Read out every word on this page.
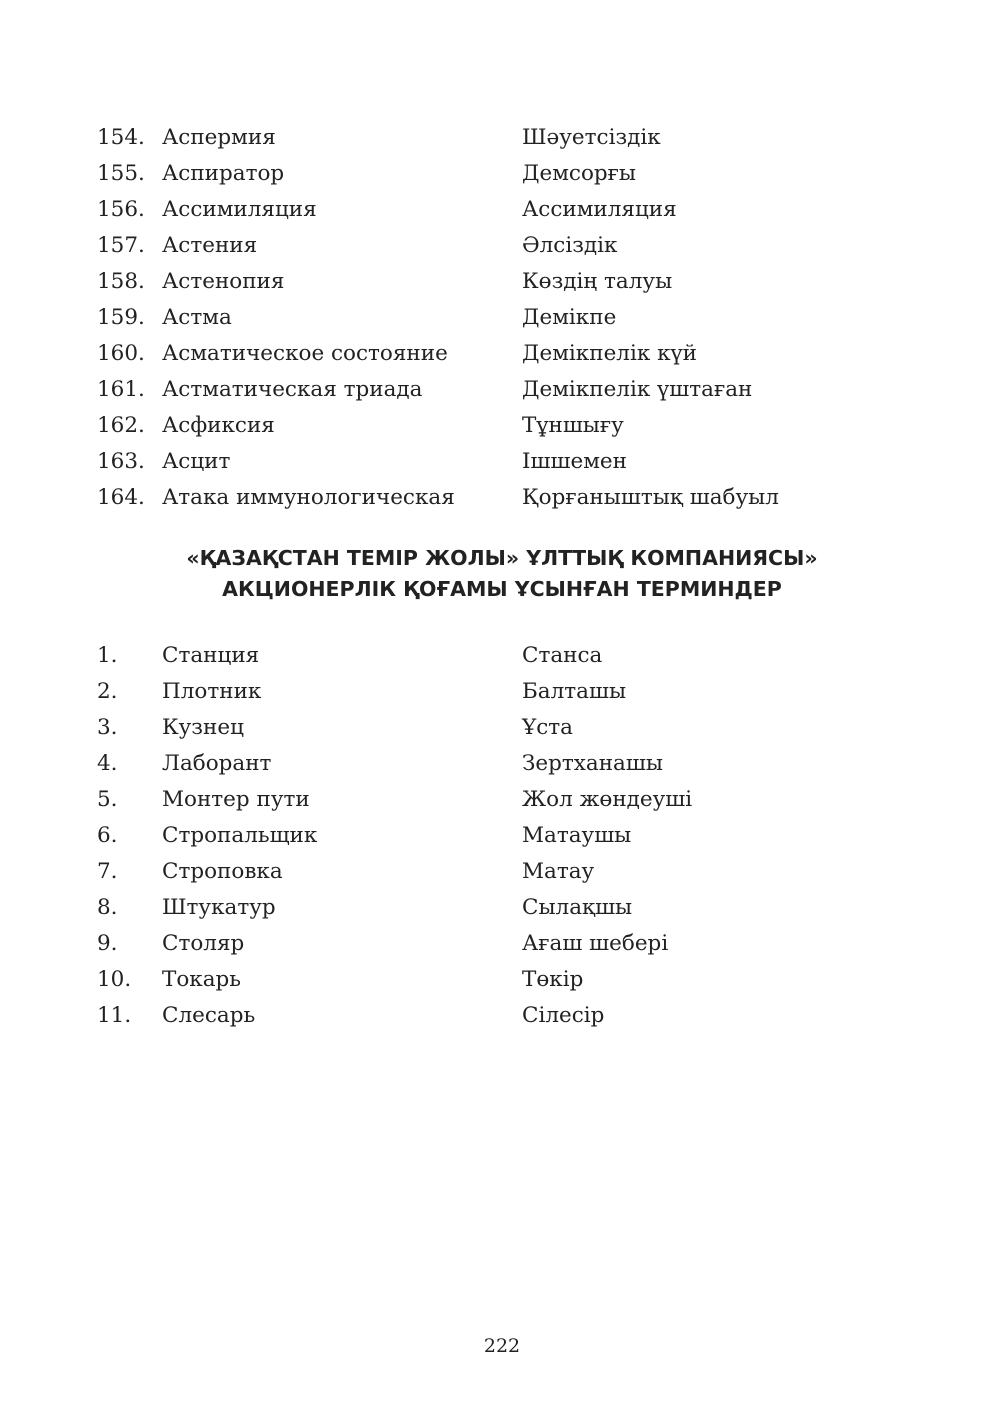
154. Аспермия	Шәуетсіздік
155. Аспиратор	Демсорғы
156. Ассимиляция	Ассимиляция
157. Астения	Әлсіздік
158. Астенопия	Көздің талуы
159. Астма	Демікпе
160. Асматическое состояние	Демікпелік күй
161. Астматическая триада	Демікпелік үштаған
162. Асфиксия	Тұншығу
163. Асцит	Ішшемен
164. Атака иммунологическая	Қорғаныштық шабуыл
«ҚАЗАҚСТАН ТЕМІР ЖОЛЫ» ҰЛТТЫҚ КОМПАНИЯСЫ»
АКЦИОНЕРЛІК ҚОҒАМЫ ҰСЫНҒАН ТЕРМИНДЕР
1.	Станция	Станса
2.	Плотник	Балташы
3.	Кузнец	Ұста
4.	Лаборант	Зертханашы
5.	Монтер пути	Жол жөндеуші
6.	Стропальщик	Матаушы
7.	Строповка	Матау
8.	Штукатур	Сылақшы
9.	Столяр	Ағаш шебері
10.	Токарь	Төкір
11.	Слесарь	Сілесір
222
